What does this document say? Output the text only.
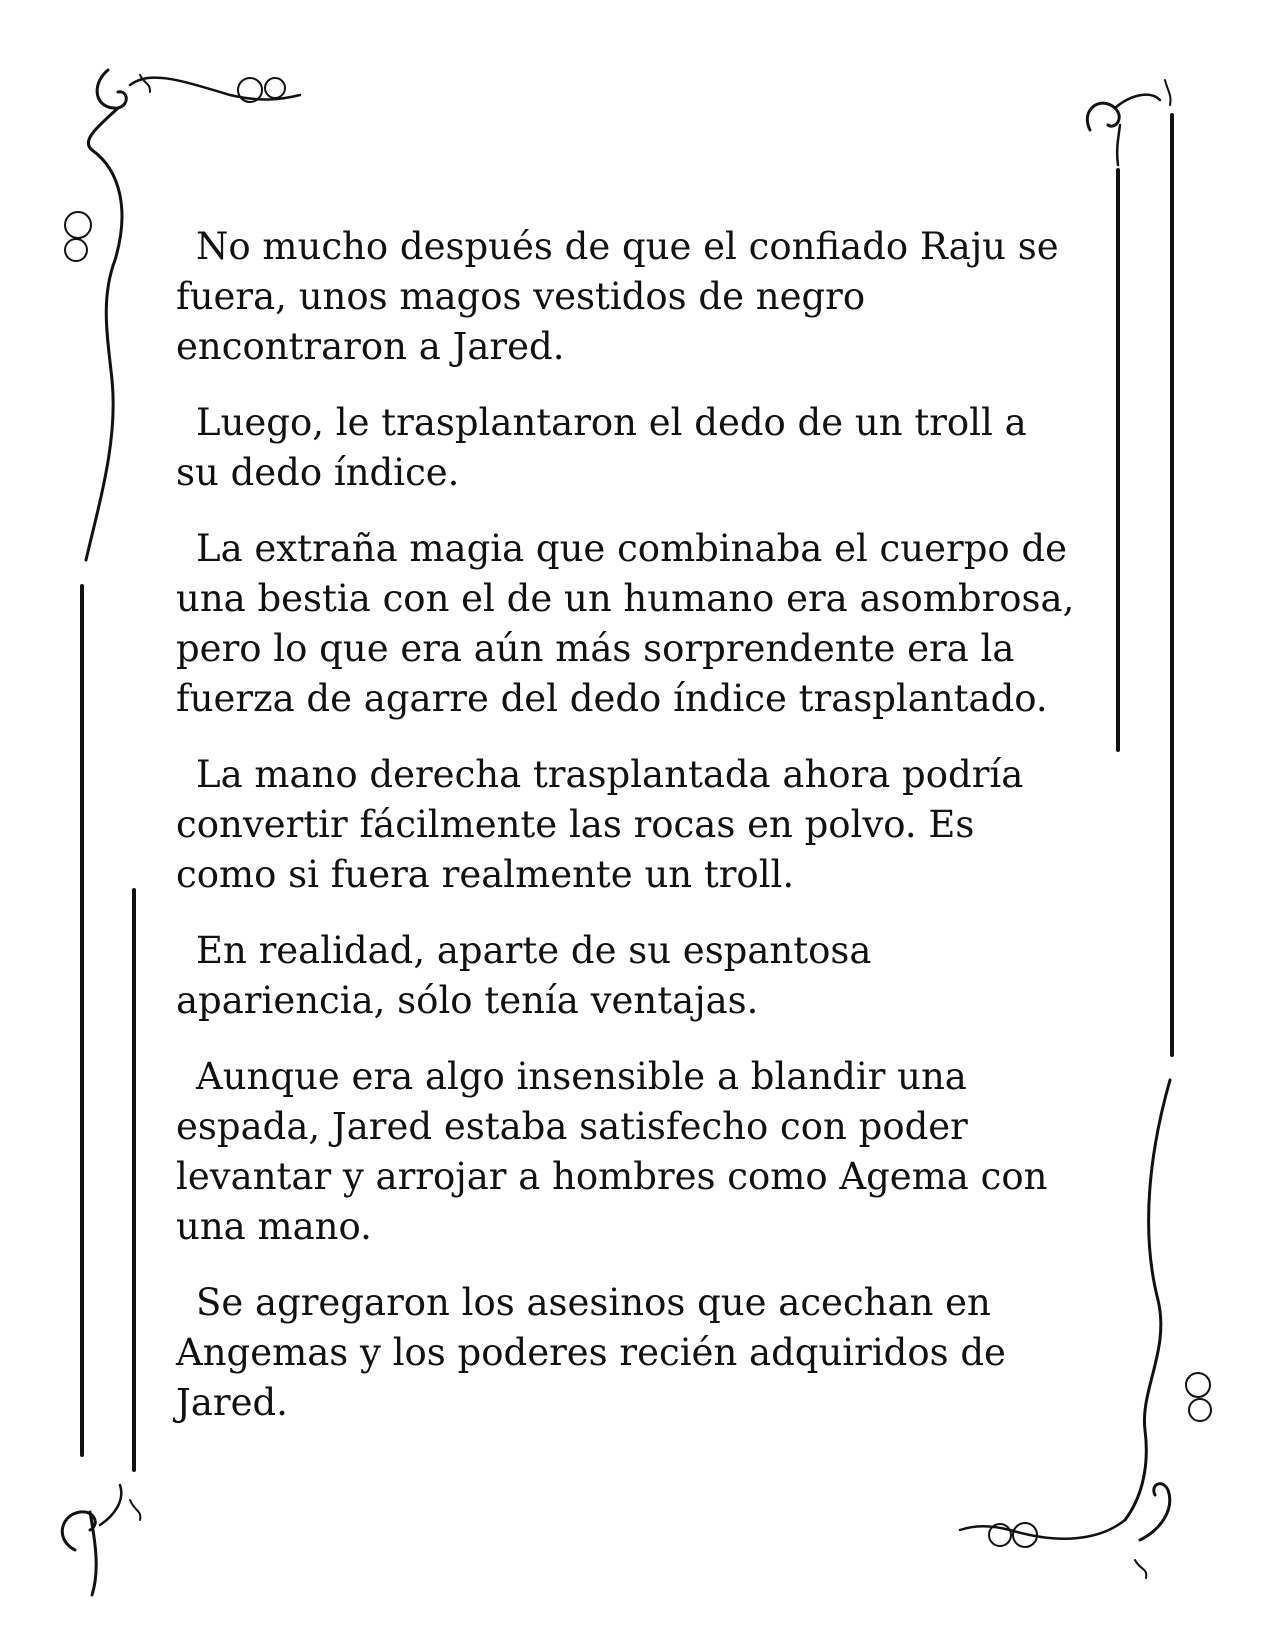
No mucho después de que el confiado Raju se fuera, unos magos vestidos de negro encontraron a Jared.

Luego, le trasplantaron el dedo de un troll a su dedo índice.

La extraña magia que combinaba el cuerpo de una bestia con el de un humano era asombrosa, pero lo que era aún más sorprendente era la fuerza de agarre del dedo índice trasplantado.

La mano derecha trasplantada ahora podría convertir fácilmente las rocas en polvo. Es como si fuera realmente un troll.

En realidad, aparte de su espantosa apariencia, sólo tenía ventajas.

Aunque era algo insensible a blandir una espada, Jared estaba satisfecho con poder levantar y arrojar a hombres como Agema con una mano.

Se agregaron los asesinos que acechan en Angemas y los poderes recién adquiridos de Jared.
